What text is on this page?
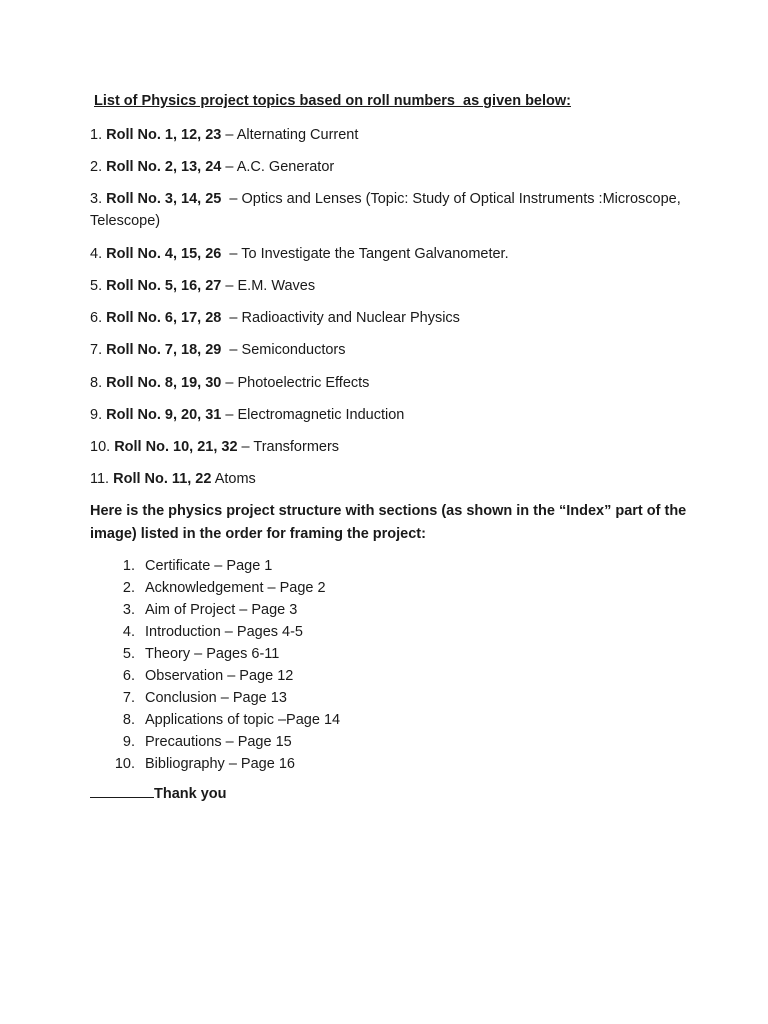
List of Physics project topics based on roll numbers  as given below:
1. Roll No. 1, 12, 23 – Alternating Current
2. Roll No. 2, 13, 24 – A.C. Generator
3. Roll No. 3, 14, 25  – Optics and Lenses (Topic: Study of Optical Instruments :Microscope, Telescope)
4. Roll No. 4, 15, 26  – To Investigate the Tangent Galvanometer.
5. Roll No. 5, 16, 27 – E.M. Waves
6. Roll No. 6, 17, 28  – Radioactivity and Nuclear Physics
7. Roll No. 7, 18, 29  – Semiconductors
8. Roll No. 8, 19, 30 – Photoelectric Effects
9. Roll No. 9, 20, 31 – Electromagnetic Induction
10. Roll No. 10, 21, 32 – Transformers
11. Roll No. 11, 22 Atoms
Here is the physics project structure with sections (as shown in the “Index” part of the image) listed in the order for framing the project:
1. Certificate – Page 1
2. Acknowledgement – Page 2
3. Aim of Project – Page 3
4. Introduction – Pages 4-5
5. Theory – Pages 6-11
6. Observation – Page 12
7. Conclusion – Page 13
8. Applications of topic –Page 14
9. Precautions – Page 15
10. Bibliography – Page 16
Thank you
